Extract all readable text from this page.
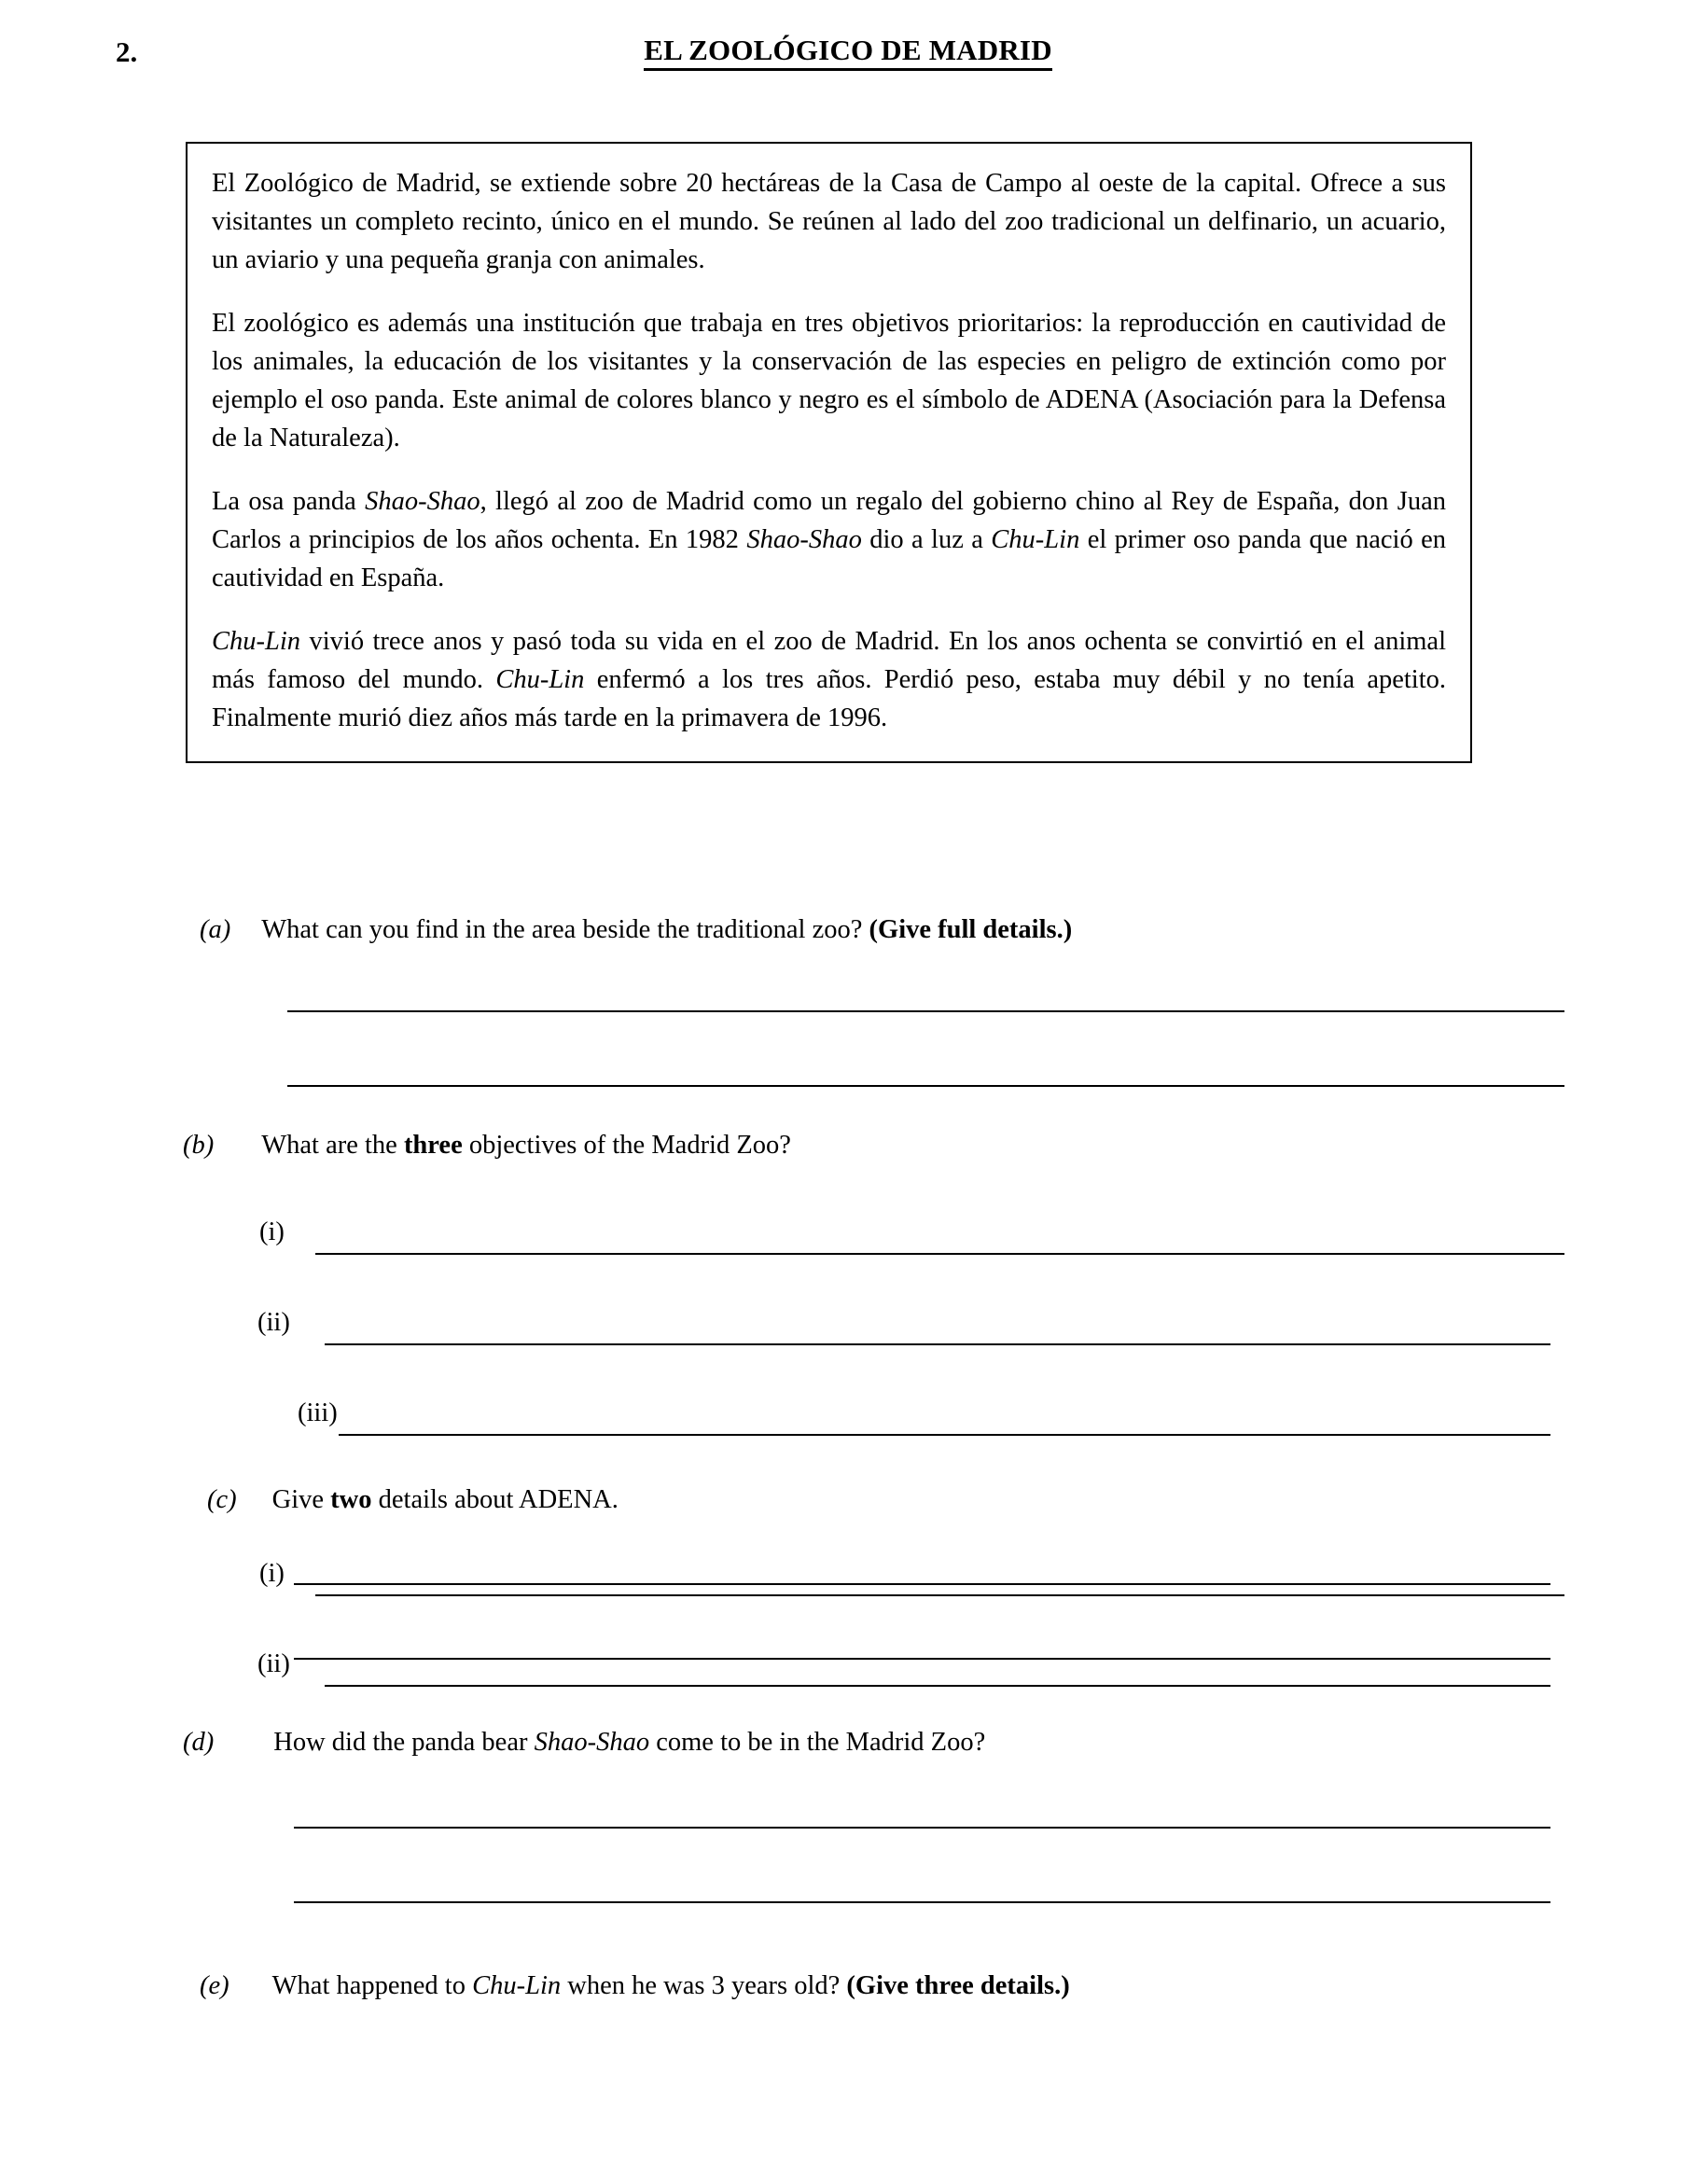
2.	EL ZOOLÓGICO DE MADRID

El Zoológico de Madrid, se extiende sobre 20 hectáreas de la Casa de Campo al oeste de la capital. Ofrece a sus visitantes un completo recinto, único en el mundo. Se reúnen al lado del zoo tradicional un delfinario, un acuario, un aviario y una pequeña granja con animales.

El zoológico es además una institución que trabaja en tres objetivos prioritarios: la reproducción en cautividad de los animales, la educación de los visitantes y la conservación de las especies en peligro de extinción como por ejemplo el oso panda. Este animal de colores blanco y negro es el símbolo de ADENA (Asociación para la Defensa de la Naturaleza).

La osa panda Shao-Shao, llegó al zoo de Madrid como un regalo del gobierno chino al Rey de España, don Juan Carlos a principios de los años ochenta. En 1982 Shao-Shao dio a luz a Chu-Lin el primer oso panda que nació en cautividad en España.

Chu-Lin vivió trece anos y pasó toda su vida en el zoo de Madrid. En los anos ochenta se convirtió en el animal más famoso del mundo. Chu-Lin enfermó a los tres años. Perdió peso, estaba muy débil y no tenía apetito. Finalmente murió diez años más tarde en la primavera de 1996.

(a) What can you find in the area beside the traditional zoo? (Give full details.)
(b) What are the three objectives of the Madrid Zoo?
(i)
(ii)
(iii)
(c) Give two details about ADENA.
(i)
(ii)
(d) How did the panda bear Shao-Shao come to be in the Madrid Zoo?
(e) What happened to Chu-Lin when he was 3 years old? (Give three details.)
